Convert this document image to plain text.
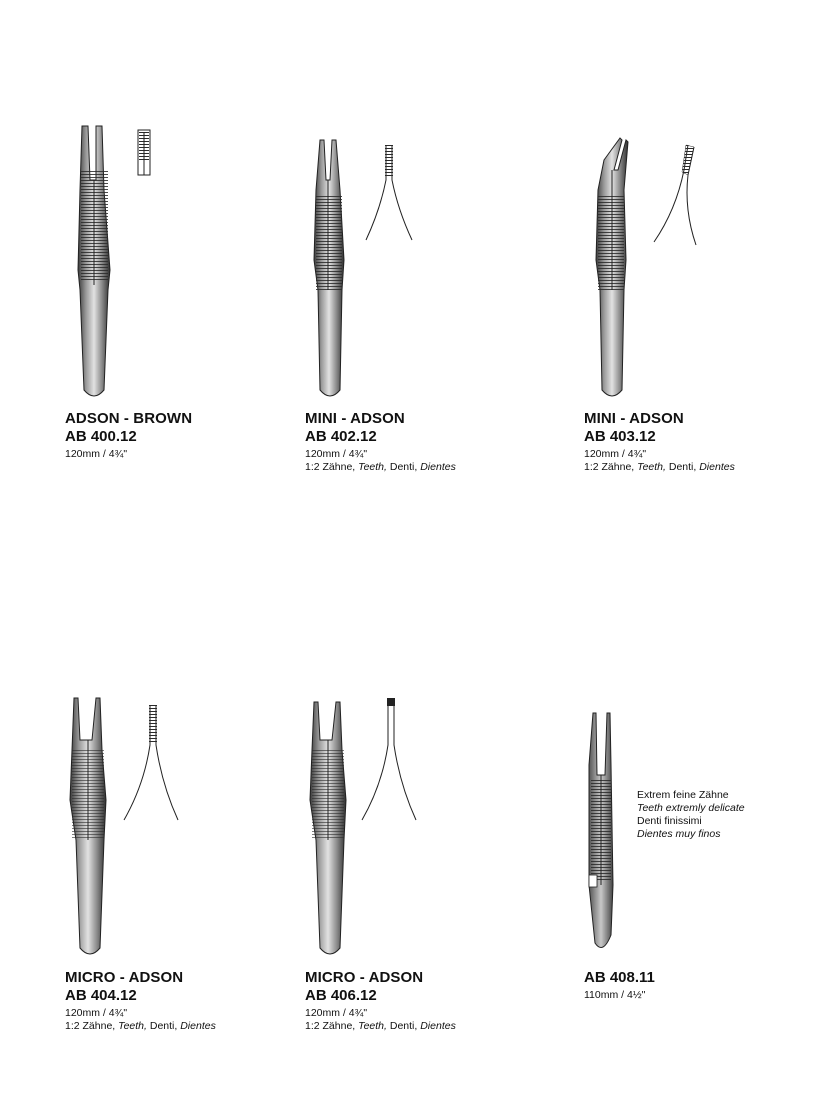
ADSON - BROWN
AB 400.12
120mm / 4¾"
MINI - ADSON
AB 402.12
120mm / 4¾"
1:2 Zähne, Teeth, Denti, Dientes
MINI - ADSON
AB 403.12
120mm / 4¾"
1:2 Zähne, Teeth, Denti, Dientes
MICRO - ADSON
AB 404.12
120mm / 4¾"
1:2 Zähne, Teeth, Denti, Dientes
MICRO - ADSON
AB 406.12
120mm / 4¾"
1:2 Zähne, Teeth, Denti, Dientes
AB 408.11
110mm / 4½"
Extrem feine Zähne
Teeth extremly delicate
Denti finissimi
Dientes muy finos
